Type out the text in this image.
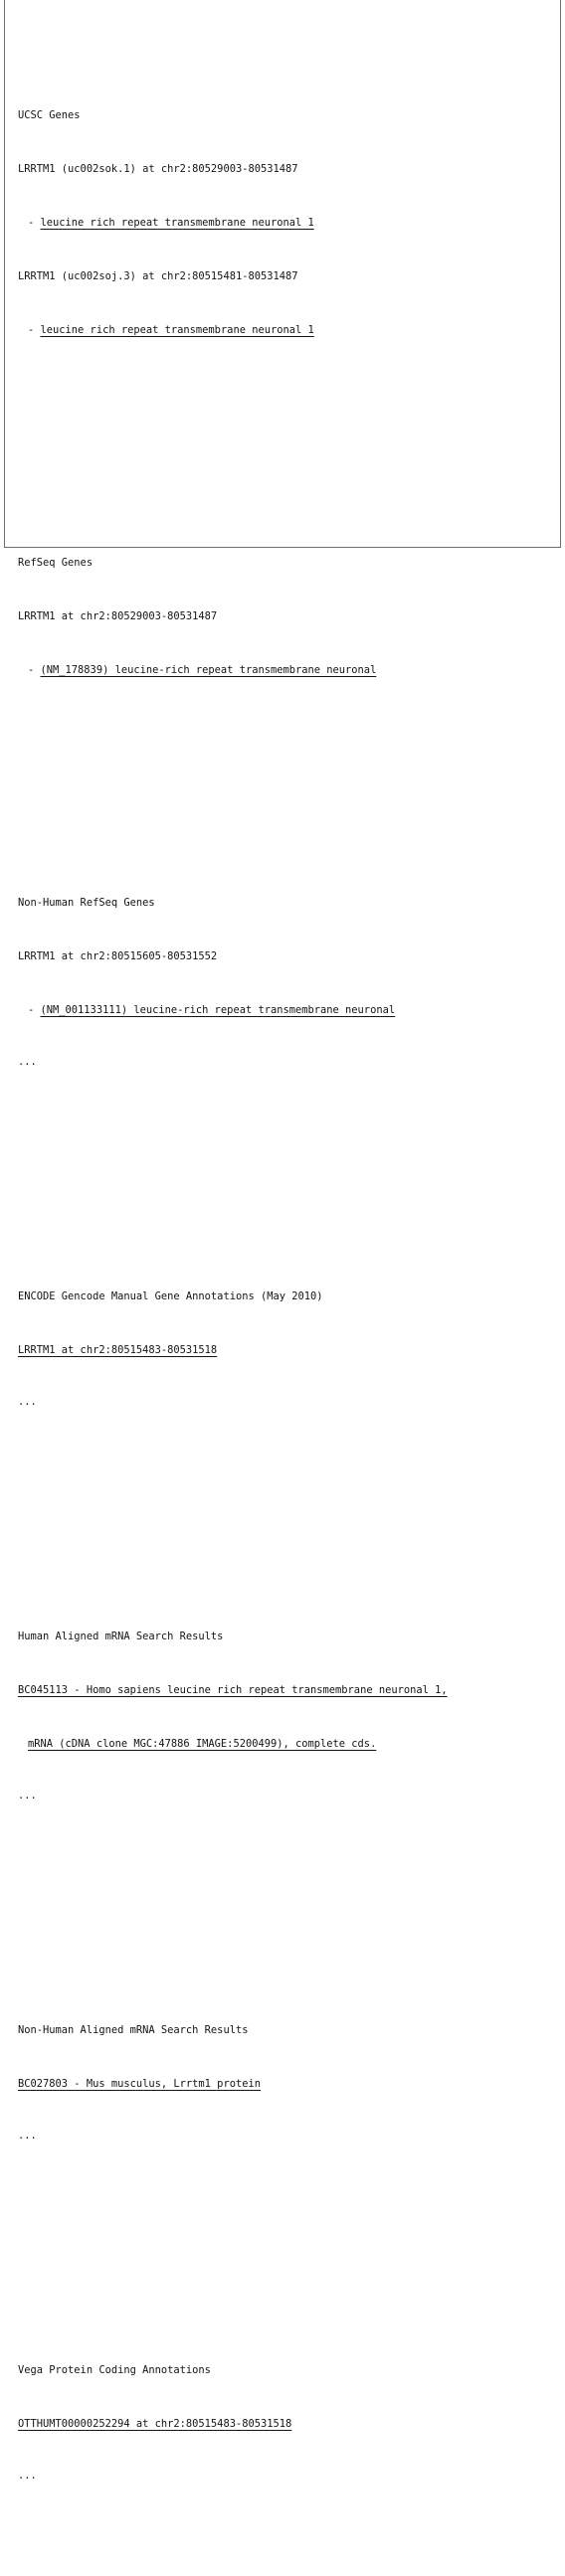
UCSC Genes

LRRTM1 (uc002sok.1) at chr2:80529003-80531487

- leucine rich repeat transmembrane neuronal 1

LRRTM1 (uc002soj.3) at chr2:80515481-80531487

- leucine rich repeat transmembrane neuronal 1

RefSeq Genes

LRRTM1 at chr2:80529003-80531487

- (NM_178839) leucine-rich repeat transmembrane neuronal

Non-Human RefSeq Genes

LRRTM1 at chr2:80515605-80531552

- (NM_001133111) leucine-rich repeat transmembrane neuronal

...

ENCODE Gencode Manual Gene Annotations (May 2010)

LRRTM1 at chr2:80515483-80531518

...

Human Aligned mRNA Search Results

BC045113 - Homo sapiens leucine rich repeat transmembrane neuronal 1,

mRNA (cDNA clone MGC:47886 IMAGE:5200499), complete cds.

...

Non-Human Aligned mRNA Search Results

BC027803 - Mus musculus, Lrrtm1 protein

...

Vega Protein Coding Annotations

OTTHUMT00000252294 at chr2:80515483-80531518

...
